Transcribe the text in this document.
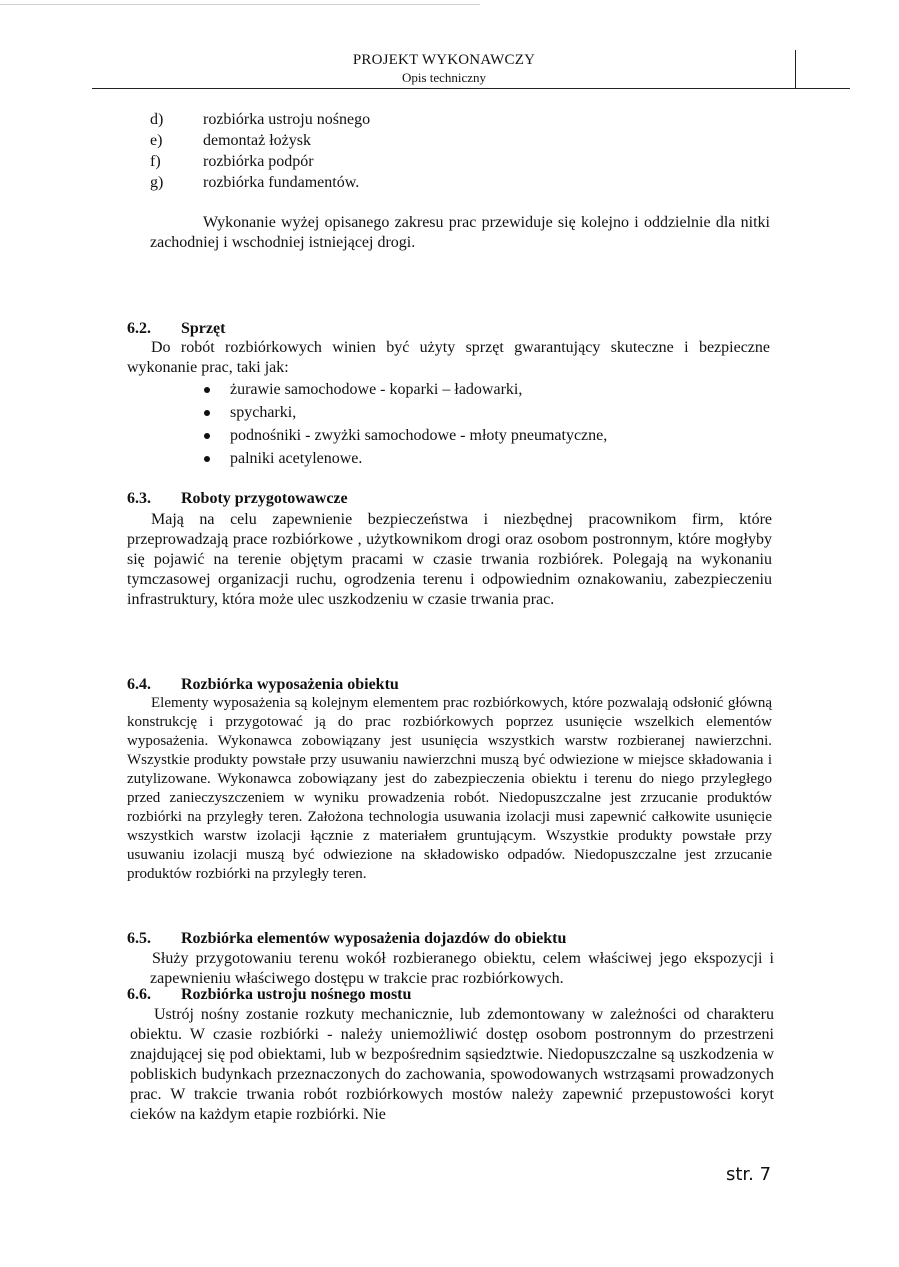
PROJEKT WYKONAWCZY
Opis techniczny
d) rozbiórka ustroju nośnego
e)	demontaż łożysk
f)	rozbiórka podpór
g) rozbiórka fundamentów.

Wykonanie wyżej opisanego zakresu prac przewiduje się kolejno i oddzielnie dla nitki zachodniej i wschodniej istniejącej drogi.

6.2. Sprzęt

Do robót rozbiórkowych winien być użyty sprzęt gwarantujący skuteczne i bezpieczne wykonanie prac, taki jak:

żurawie samochodowe - koparki – ładowarki,
spycharki,
podnośniki - zwyżki samochodowe - młoty pneumatyczne,
palniki acetylenowe.
6.3. Roboty przygotowawcze

Mają na celu zapewnienie bezpieczeństwa i niezbędnej pracownikom firm, które przeprowadzają prace rozbiórkowe , użytkownikom drogi oraz osobom postronnym, które mogłyby się pojawić na terenie objętym pracami w czasie trwania rozbiórek. Polegają na wykonaniu tymczasowej organizacji ruchu, ogrodzenia terenu i odpowiednim oznakowaniu, zabezpieczeniu infrastruktury, która może ulec uszkodzeniu w czasie trwania prac.

6.4. Rozbiórka wyposażenia obiektu

Elementy wyposażenia są kolejnym elementem prac rozbiórkowych, które pozwalają odsłonić główną konstrukcję i przygotować ją do prac rozbiórkowych poprzez usunięcie wszelkich elementów wyposażenia. Wykonawca zobowiązany jest usunięcia wszystkich warstw rozbieranej nawierzchni. Wszystkie produkty powstałe przy usuwaniu nawierzchni muszą być odwiezione w miejsce składowania i zutylizowane. Wykonawca zobowiązany jest do zabezpieczenia obiektu i terenu do niego przyległego przed zanieczyszczeniem w wyniku prowadzenia robót. Niedopuszczalne jest zrzucanie produktów rozbiórki na przyległy teren. Założona technologia usuwania izolacji musi zapewnić całkowite usunięcie wszystkich warstw izolacji łącznie z materiałem gruntującym. Wszystkie produkty powstałe przy usuwaniu izolacji muszą być odwiezione na składowisko odpadów. Niedopuszczalne jest zrzucanie produktów rozbiórki na przyległy teren.

6.5. Rozbiórka elementów wyposażenia dojazdów do obiektu

Służy przygotowaniu terenu wokół rozbieranego obiektu, celem właściwej jego ekspozycji i zapewnieniu właściwego dostępu w trakcie prac rozbiórkowych.

6.6. Rozbiórka ustroju nośnego mostu

Ustrój nośny zostanie rozkuty mechanicznie, lub zdemontowany w zależności od charakteru obiektu. W czasie rozbiórki - należy uniemożliwić dostęp osobom postronnym do przestrzeni znajdującej się pod obiektami, lub w bezpośrednim sąsiedztwie. Niedopuszczalne są uszkodzenia w pobliskich budynkach przeznaczonych do zachowania, spowodowanych wstrząsami prowadzonych prac. W trakcie trwania robót rozbiórkowych mostów należy zapewnić przepustowości koryt cieków na każdym etapie rozbiórki. Nie

str. 7
